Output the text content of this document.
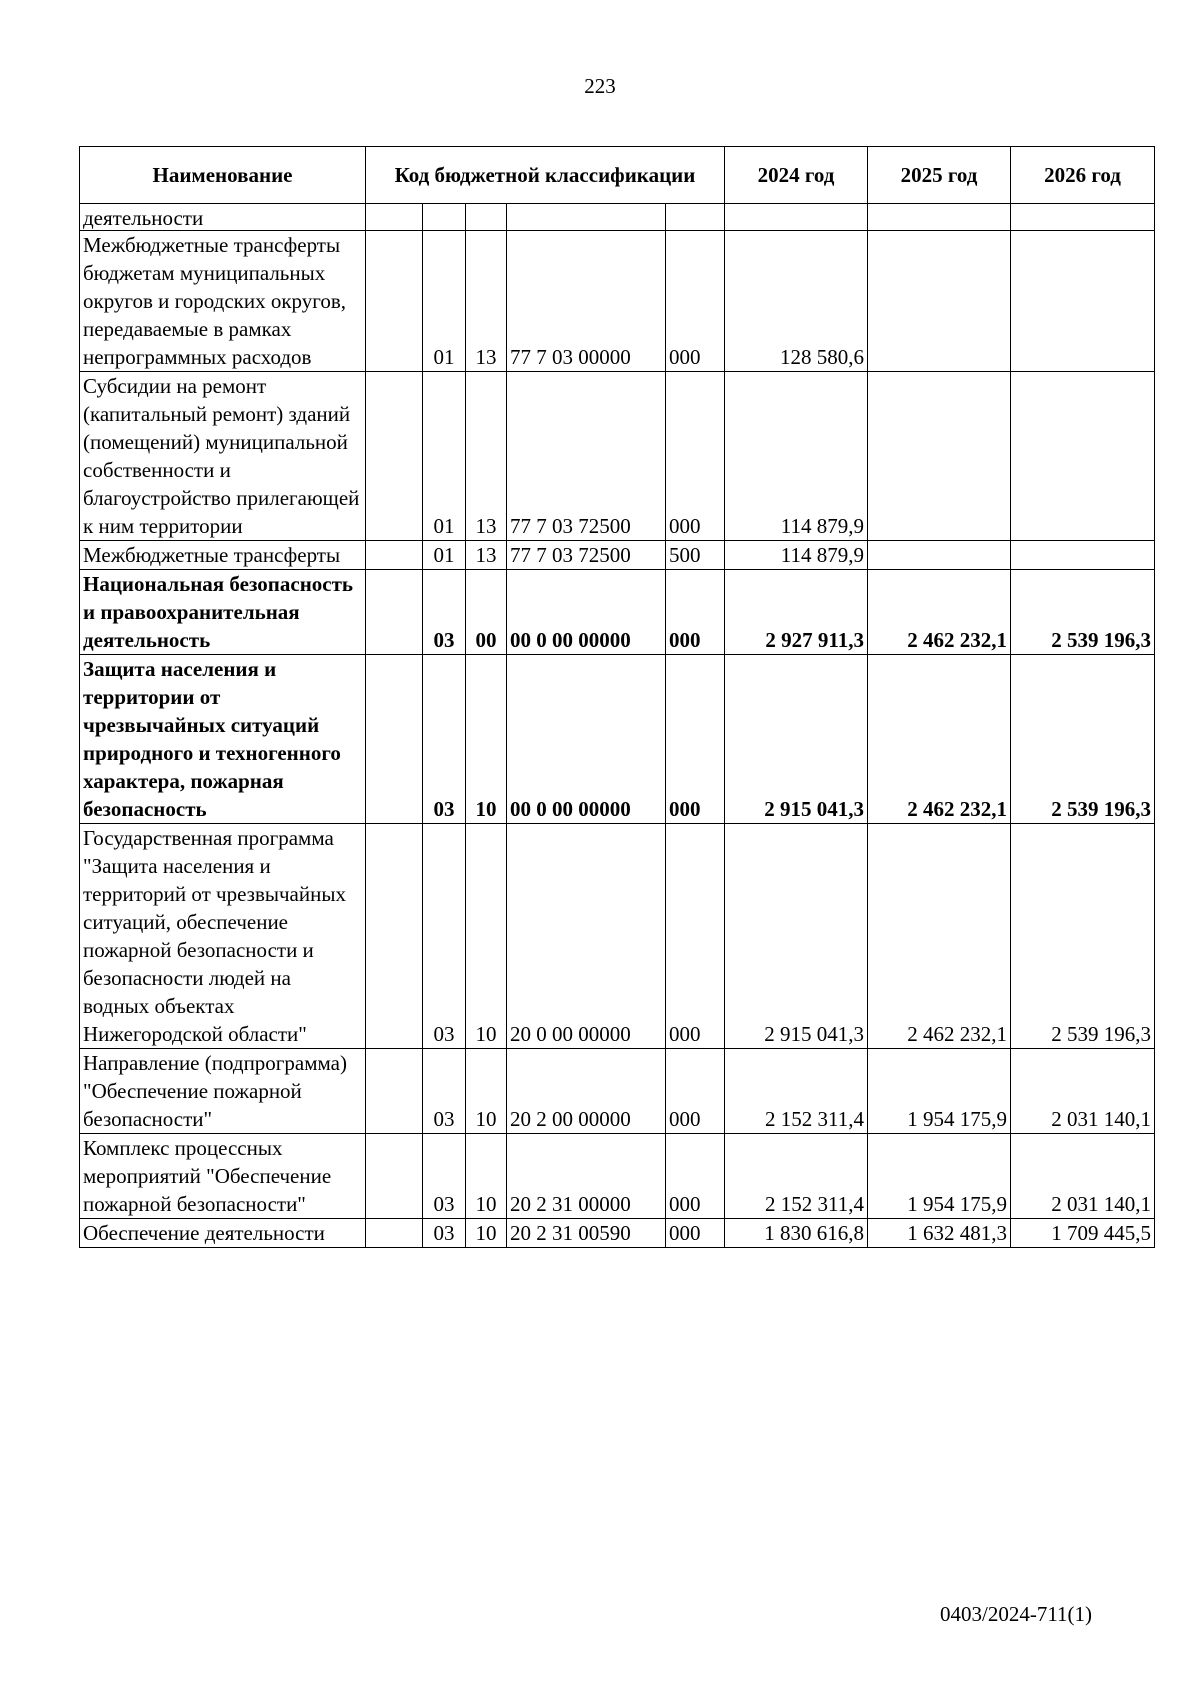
223
Наименование	Код бюджетной классификации					2024 год	2025 год	2026 год
деятельности								
Межбюджетные трансферты бюджетам муниципальных округов и городских округов, передаваемые в рамках непрограммных расходов		01	13	77 7 03 00000	000	128 580,6		
Субсидии на ремонт (капитальный ремонт) зданий (помещений) муниципальной собственности и благоустройство прилегающей к ним территории		01	13	77 7 03 72500	000	114 879,9		
Межбюджетные трансферты		01	13	77 7 03 72500	500	114 879,9		
Национальная безопасность и правоохранительная деятельность		03	00	00 0 00 00000	000	2 927 911,3	2 462 232,1	2 539 196,3
Защита населения и территории от чрезвычайных ситуаций природного и техногенного характера, пожарная безопасность		03	10	00 0 00 00000	000	2 915 041,3	2 462 232,1	2 539 196,3
Государственная программа "Защита населения и территорий от чрезвычайных ситуаций, обеспечение пожарной безопасности и безопасности людей на водных объектах Нижегородской области"		03	10	20 0 00 00000	000	2 915 041,3	2 462 232,1	2 539 196,3
Направление (подпрограмма) "Обеспечение пожарной безопасности"		03	10	20 2 00 00000	000	2 152 311,4	1 954 175,9	2 031 140,1
Комплекс процессных мероприятий "Обеспечение пожарной безопасности"		03	10	20 2 31 00000	000	2 152 311,4	1 954 175,9	2 031 140,1
Обеспечение деятельности		03	10	20 2 31 00590	000	1 830 616,8	1 632 481,3	1 709 445,5
0403/2024-711(1)
